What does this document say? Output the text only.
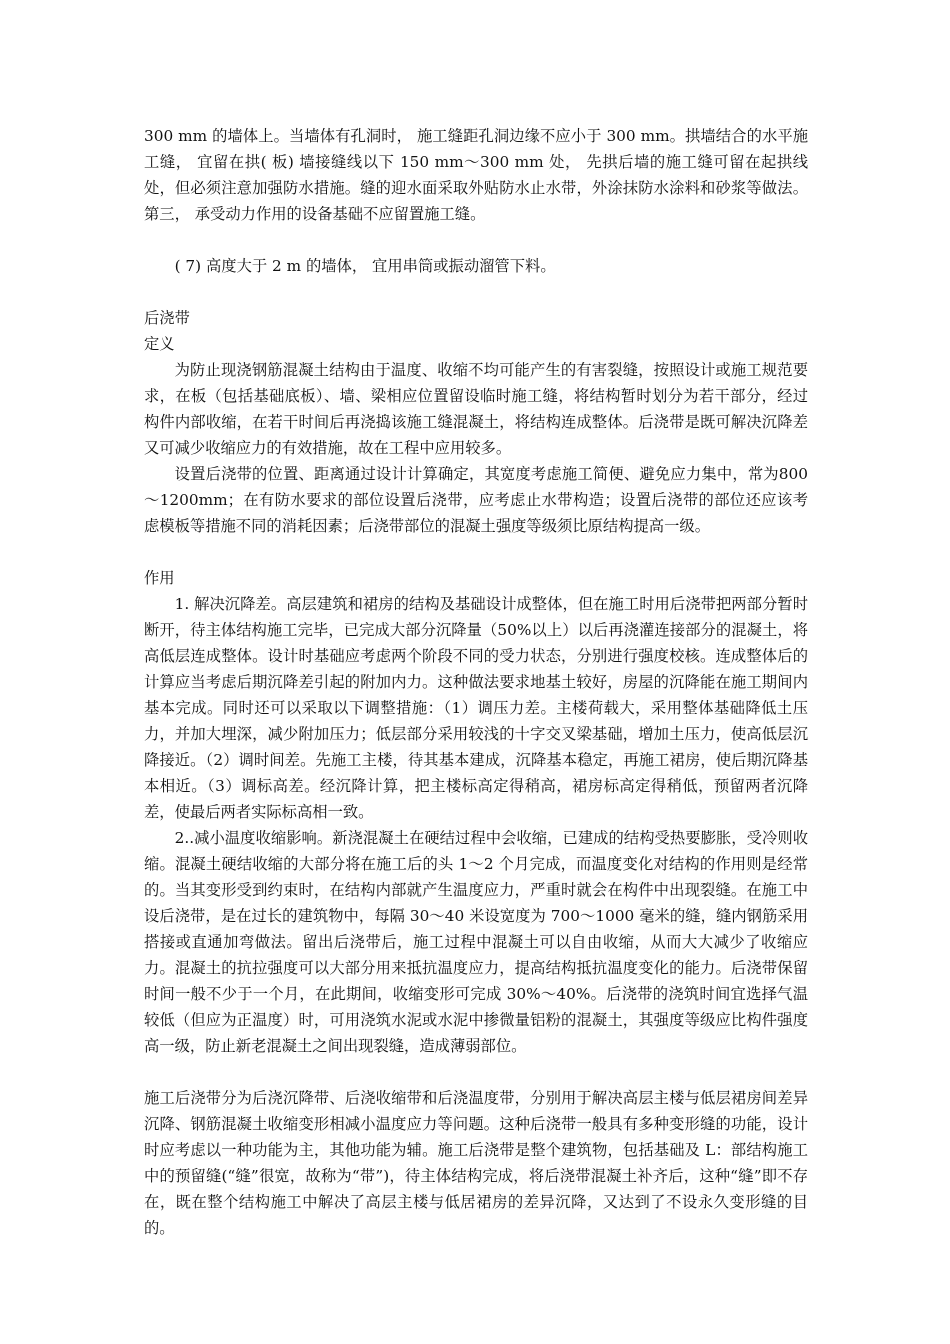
300 mm 的墙体上。当墙体有孔洞时， 施工缝距孔洞边缘不应小于 300 mm。拱墙结合的水平施工缝， 宜留在拱( 板) 墙接缝线以下 150 mm～300 mm 处， 先拱后墙的施工缝可留在起拱线处，但必须注意加强防水措施。缝的迎水面采取外贴防水止水带，外涂抹防水涂料和砂浆等做法。第三， 承受动力作用的设备基础不应留置施工缝。

( 7) 高度大于 2 m 的墙体， 宜用串筒或振动溜管下料。

后浇带
定义

为防止现浇钢筋混凝土结构由于温度、收缩不均可能产生的有害裂缝，按照设计或施工规范要求，在板（包括基础底板）、墙、梁相应位置留设临时施工缝，将结构暂时划分为若干部分，经过构件内部收缩，在若干时间后再浇捣该施工缝混凝土，将结构连成整体。后浇带是既可解决沉降差又可减少收缩应力的有效措施，故在工程中应用较多。

设置后浇带的位置、距离通过设计计算确定，其宽度考虑施工简便、避免应力集中，常为800～1200mm；在有防水要求的部位设置后浇带，应考虑止水带构造；设置后浇带的部位还应该考虑模板等措施不同的消耗因素；后浇带部位的混凝土强度等级须比原结构提高一级。

作用

1. 解决沉降差。高层建筑和裙房的结构及基础设计成整体，但在施工时用后浇带把两部分暂时断开，待主体结构施工完毕，已完成大部分沉降量（50%以上）以后再浇灌连接部分的混凝土，将高低层连成整体。设计时基础应考虑两个阶段不同的受力状态，分别进行强度校核。连成整体后的计算应当考虑后期沉降差引起的附加内力。这种做法要求地基土较好，房屋的沉降能在施工期间内基本完成。同时还可以采取以下调整措施：（1）调压力差。主楼荷载大，采用整体基础降低土压力，并加大埋深，减少附加压力；低层部分采用较浅的十字交叉梁基础，增加土压力，使高低层沉降接近。（2）调时间差。先施工主楼，待其基本建成，沉降基本稳定，再施工裙房，使后期沉降基本相近。（3）调标高差。经沉降计算，把主楼标高定得稍高，裙房标高定得稍低，预留两者沉降差，使最后两者实际标高相一致。

2..减小温度收缩影响。新浇混凝土在硬结过程中会收缩，已建成的结构受热要膨胀，受冷则收缩。混凝土硬结收缩的大部分将在施工后的头 1～2 个月完成，而温度变化对结构的作用则是经常的。当其变形受到约束时，在结构内部就产生温度应力，严重时就会在构件中出现裂缝。在施工中设后浇带，是在过长的建筑物中，每隔 30～40 米设宽度为 700～1000 毫米的缝，缝内钢筋采用搭接或直通加弯做法。留出后浇带后，施工过程中混凝土可以自由收缩，从而大大减少了收缩应力。混凝土的抗拉强度可以大部分用来抵抗温度应力，提高结构抵抗温度变化的能力。后浇带保留时间一般不少于一个月，在此期间，收缩变形可完成 30%～40%。后浇带的浇筑时间宜选择气温较低（但应为正温度）时，可用浇筑水泥或水泥中掺微量铝粉的混凝土，其强度等级应比构件强度高一级，防止新老混凝土之间出现裂缝，造成薄弱部位。

施工后浇带分为后浇沉降带、后浇收缩带和后浇温度带，分别用于解决高层主楼与低层裙房间差异沉降、钢筋混凝土收缩变形相减小温度应力等问题。这种后浇带一般具有多种变形缝的功能，设计时应考虑以一种功能为主，其他功能为辅。施工后浇带是整个建筑物，包括基础及 L：部结构施工中的预留缝(“缝”很宽，故称为“带”)，待主体结构完成，将后浇带混凝土补齐后，这种“缝”即不存在，既在整个结构施工中解决了高层主楼与低居裙房的差异沉降，又达到了不设永久变形缝的目的。
